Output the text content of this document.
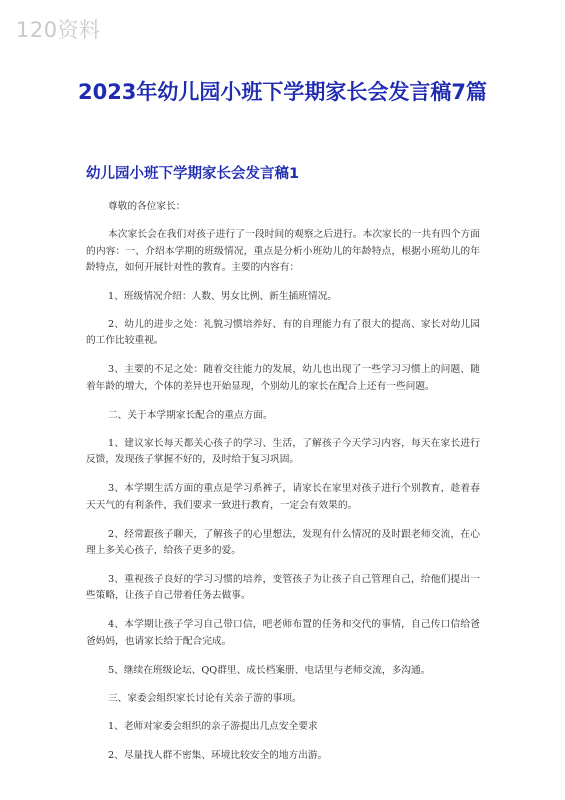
120资料
2023年幼儿园小班下学期家长会发言稿7篇
幼儿园小班下学期家长会发言稿1

尊敬的各位家长：

本次家长会在我们对孩子进行了一段时间的观察之后进行。本次家长的一共有四个方面的内容：一、介绍本学期的班级情况，重点是分析小班幼儿的年龄特点，根据小班幼儿的年龄特点，如何开展针对性的教育。主要的内容有：

1、班级情况介绍：人数、男女比例、新生插班情况。

2、幼儿的进步之处：礼貌习惯培养好、有的自理能力有了很大的提高、家长对幼儿园的工作比较重视。

3、主要的不足之处：随着交往能力的发展，幼儿也出现了一些学习习惯上的问题、随着年龄的增大，个体的差异也开始显现，个别幼儿的家长在配合上还有一些问题。

二、关于本学期家长配合的重点方面。

1、建议家长每天都关心孩子的学习、生活，了解孩子今天学习内容，每天在家长进行反馈，发现孩子掌握不好的，及时给于复习巩固。

3、本学期生活方面的重点是学习系裤子，请家长在家里对孩子进行个别教育，趁着春天天气的有利条件，我们要求一致进行教育，一定会有效果的。

2、经常跟孩子聊天，了解孩子的心里想法，发现有什么情况的及时跟老师交流，在心理上多关心孩子，给孩子更多的爱。

3、重视孩子良好的学习习惯的培养，变管孩子为让孩子自己管理自己，给他们提出一些策略，让孩子自己带着任务去做事。

4、本学期让孩子学习自己带口信，吧老师布置的任务和交代的事情，自己传口信给爸爸妈妈，也请家长给于配合完成。

5、继续在班级论坛、QQ群里、成长档案册、电话里与老师交流，多沟通。

三、家委会组织家长讨论有关亲子游的事项。

1、老师对家委会组织的亲子游提出几点安全要求

2、尽量找人群不密集、环境比较安全的地方出游。
